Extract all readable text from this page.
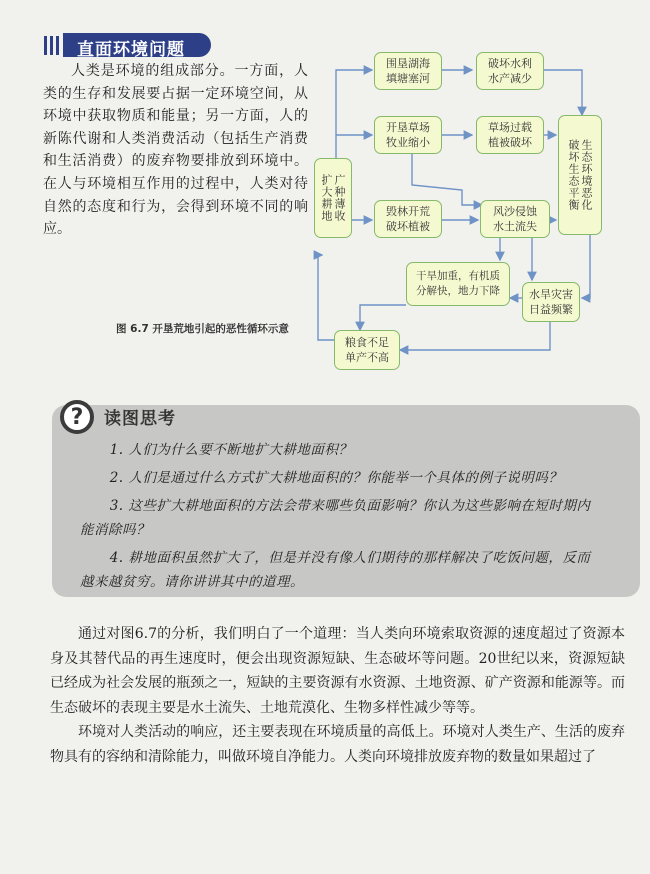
直面环境问题

人类是环境的组成部分。一方面，人类的生存和发展要占据一定环境空间，从环境中获取物质和能量；另一方面，人的新陈代谢和人类消费活动（包括生产消费和生活消费）的废弃物要排放到环境中。在人与环境相互作用的过程中，人类对待自然的态度和行为，会得到环境不同的响应。

扩大耕地 广种薄收
围垦湖海
填塘塞河
破坏水利
水产减少
开垦草场
牧业缩小
草场过载
植被破坏
毁林开荒
破坏植被
风沙侵蚀
水土流失
生态环境恶化
破坏生态平衡
干旱加重，有机质
分解快，地力下降	水旱灾害
日益频繁
粮食不足
单产不高
图 6.7 开垦荒地引起的恶性循环示意
?	读图思考

1. 人们为什么要不断地扩大耕地面积？

2. 人们是通过什么方式扩大耕地面积的？你能举一个具体的例子说明吗？

3. 这些扩大耕地面积的方法会带来哪些负面影响？你认为这些影响在短时期内能消除吗？

4. 耕地面积虽然扩大了，但是并没有像人们期待的那样解决了吃饭问题，反而越来越贫穷。请你讲讲其中的道理。

通过对图6.7的分析，我们明白了一个道理：当人类向环境索取资源的速度超过了资源本身及其替代品的再生速度时，便会出现资源短缺、生态破坏等问题。20世纪以来，资源短缺已经成为社会发展的瓶颈之一，短缺的主要资源有水资源、土地资源、矿产资源和能源等。而生态破坏的表现主要是水土流失、土地荒漠化、生物多样性减少等等。

环境对人类活动的响应，还主要表现在环境质量的高低上。环境对人类生产、生活的废弃物具有的容纳和清除能力，叫做环境自净能力。人类向环境排放废弃物的数量如果超过了
